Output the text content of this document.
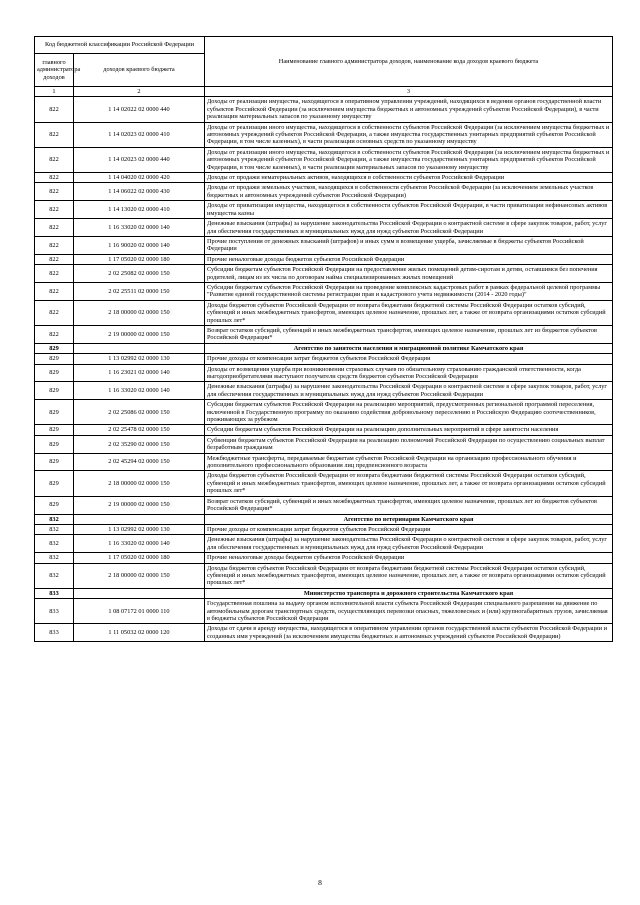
Код бюджетной классификации Российской Федерации		Наименование главного администратора доходов, наименование кода доходов краевого бюджета
главного администратора доходов	доходов краевого бюджета	
1	2	3
822	1 14 02022 02 0000 440	Доходы от реализации имущества, находящегося в оперативном управлении учреждений, находящихся в ведении органов государственной власти субъектов Российской Федерации (за исключением имущества бюджетных и автономных учреждений субъектов Российской Федерации), в части реализации материальных запасов по указанному имуществу
822	1 14 02023 02 0000 410	Доходы от реализации иного имущества, находящегося в собственности субъектов Российской Федерации (за исключением имущества бюджетных и автономных учреждений субъектов Российской Федерации, а также имущества государственных унитарных предприятий субъектов Российской Федерации, в том числе казенных), в части реализации основных средств по указанному имуществу
822	1 14 02023 02 0000 440	Доходы от реализации иного имущества, находящегося в собственности субъектов Российской Федерации (за исключением имущества бюджетных и автономных учреждений субъектов Российской Федерации, а также имущества государственных унитарных предприятий субъектов Российской Федерации, в том числе казенных), в части реализации материальных запасов по указанному имуществу
822	1 14 04020 02 0000 420	Доходы от продажи нематериальных активов, находящихся в собственности субъектов Российской Федерации
822	1 14 06022 02 0000 430	Доходы от продажи земельных участков, находящихся в собственности субъектов Российской Федерации (за исключением земельных участков бюджетных и автономных учреждений субъектов Российской Федерации)
822	1 14 13020 02 0000 410	Доходы от приватизации имущества, находящегося в собственности субъектов Российской Федерации, в части приватизации нефинансовых активов имущества казны
822	1 16 33020 02 0000 140	Денежные взыскания (штрафы) за нарушение законодательства Российской Федерации о контрактной системе в сфере закупок товаров, работ, услуг для обеспечения государственных и муниципальных нужд для нужд субъектов Российской Федерации
822	1 16 90020 02 0000 140	Прочие поступления от денежных взысканий (штрафов) и иных сумм в возмещение ущерба, зачисляемые в бюджеты субъектов Российской Федерации
822	1 17 05020 02 0000 180	Прочие неналоговые доходы бюджетов субъектов Российской Федерации
822	2 02 25082 02 0000 150	Субсидии бюджетам субъектов Российской Федерации на предоставление жилых помещений детям-сиротам и детям, оставшимся без попечения родителей, лицам из их числа по договорам найма специализированных жилых помещений
822	2 02 25511 02 0000 150	Субсидии бюджетам субъектов Российской Федерации на проведение комплексных кадастровых работ в рамках федеральной целевой программы "Развитие единой государственной системы регистрации прав и кадастрового учета недвижимости (2014 - 2020 годы)"
822	2 18 00000 02 0000 150	Доходы бюджетов субъектов Российской Федерации от возврата бюджетами бюджетной системы Российской Федерации остатков субсидий, субвенций и иных межбюджетных трансфертов, имеющих целевое назначение, прошлых лет, а также от возврата организациями остатков субсидий прошлых лет*
822	2 19 00000 02 0000 150	Возврат остатков субсидий, субвенций и иных межбюджетных трансфертов, имеющих целевое назначение, прошлых лет из бюджетов субъектов Российской Федерации*
829		Агентство по занятости населения и миграционной политике Камчатского края
829	1 13 02992 02 0000 130	Прочие доходы от компенсации затрат бюджетов субъектов Российской Федерации
829	1 16 23021 02 0000 140	Доходы от возмещения ущерба при возникновении страховых случаев по обязательному страхованию гражданской ответственности, когда выгодоприобретателями выступают получатели средств бюджетов субъектов Российской Федерации
829	1 16 33020 02 0000 140	Денежные взыскания (штрафы) за нарушение законодательства Российской Федерации о контрактной системе в сфере закупок товаров, работ, услуг для обеспечения государственных и муниципальных нужд для нужд субъектов Российской Федерации
829	2 02 25086 02 0000 150	Субсидии бюджетам субъектов Российской Федерации на реализацию мероприятий, предусмотренных региональной программой переселения, включенной в Государственную программу по оказанию содействия добровольному переселению в Российскую Федерацию соотечественников, проживающих за рубежом
829	2 02 25478 02 0000 150	Субсидии бюджетам субъектов Российской Федерации на реализацию дополнительных мероприятий в сфере занятости населения
829	2 02 35290 02 0000 150	Субвенции бюджетам субъектов Российской Федерации на реализацию полномочий Российской Федерации по осуществлению социальных выплат безработным гражданам
829	2 02 45294 02 0000 150	Межбюджетные трансферты, передаваемые бюджетам субъектов Российской Федерации на организацию профессионального обучения и дополнительного профессионального образования лиц предпенсионного возраста
829	2 18 00000 02 0000 150	Доходы бюджетов субъектов Российской Федерации от возврата бюджетами бюджетной системы Российской Федерации остатков субсидий, субвенций и иных межбюджетных трансфертов, имеющих целевое назначение, прошлых лет, а также от возврата организациями остатков субсидий прошлых лет*
829	2 19 00000 02 0000 150	Возврат остатков субсидий, субвенций и иных межбюджетных трансфертов, имеющих целевое назначение, прошлых лет из бюджетов субъектов Российской Федерации*
832		Агентство по ветеринарии Камчатского края
832	1 13 02992 02 0000 130	Прочие доходы от компенсации затрат бюджетов субъектов Российской Федерации
832	1 16 33020 02 0000 140	Денежные взыскания (штрафы) за нарушение законодательства Российской Федерации о контрактной системе в сфере закупок товаров, работ, услуг для обеспечения государственных и муниципальных нужд для нужд субъектов Российской Федерации
832	1 17 05020 02 0000 180	Прочие неналоговые доходы бюджетов субъектов Российской Федерации
832	2 18 00000 02 0000 150	Доходы бюджетов субъектов Российской Федерации от возврата бюджетами бюджетной системы Российской Федерации остатков субсидий, субвенций и иных межбюджетных трансфертов, имеющих целевое назначение, прошлых лет, а также от возврата организациями остатков субсидий прошлых лет*
833		Министерство транспорта и дорожного строительства Камчатского края
833	1 08 07172 01 0000 110	Государственная пошлина за выдачу органом исполнительной власти субъекта Российской Федерации специального разрешения на движение по автомобильным дорогам транспортных средств, осуществляющих перевозки опасных, тяжеловесных и (или) крупногабаритных грузов, зачисляемая в бюджеты субъектов Российской Федерации
833	1 11 05032 02 0000 120	Доходы от сдачи в аренду имущества, находящегося в оперативном управлении органов государственной власти субъектов Российской Федерации и созданных ими учреждений (за исключением имущества бюджетных и автономных учреждений субъектов Российской Федерации)
8
